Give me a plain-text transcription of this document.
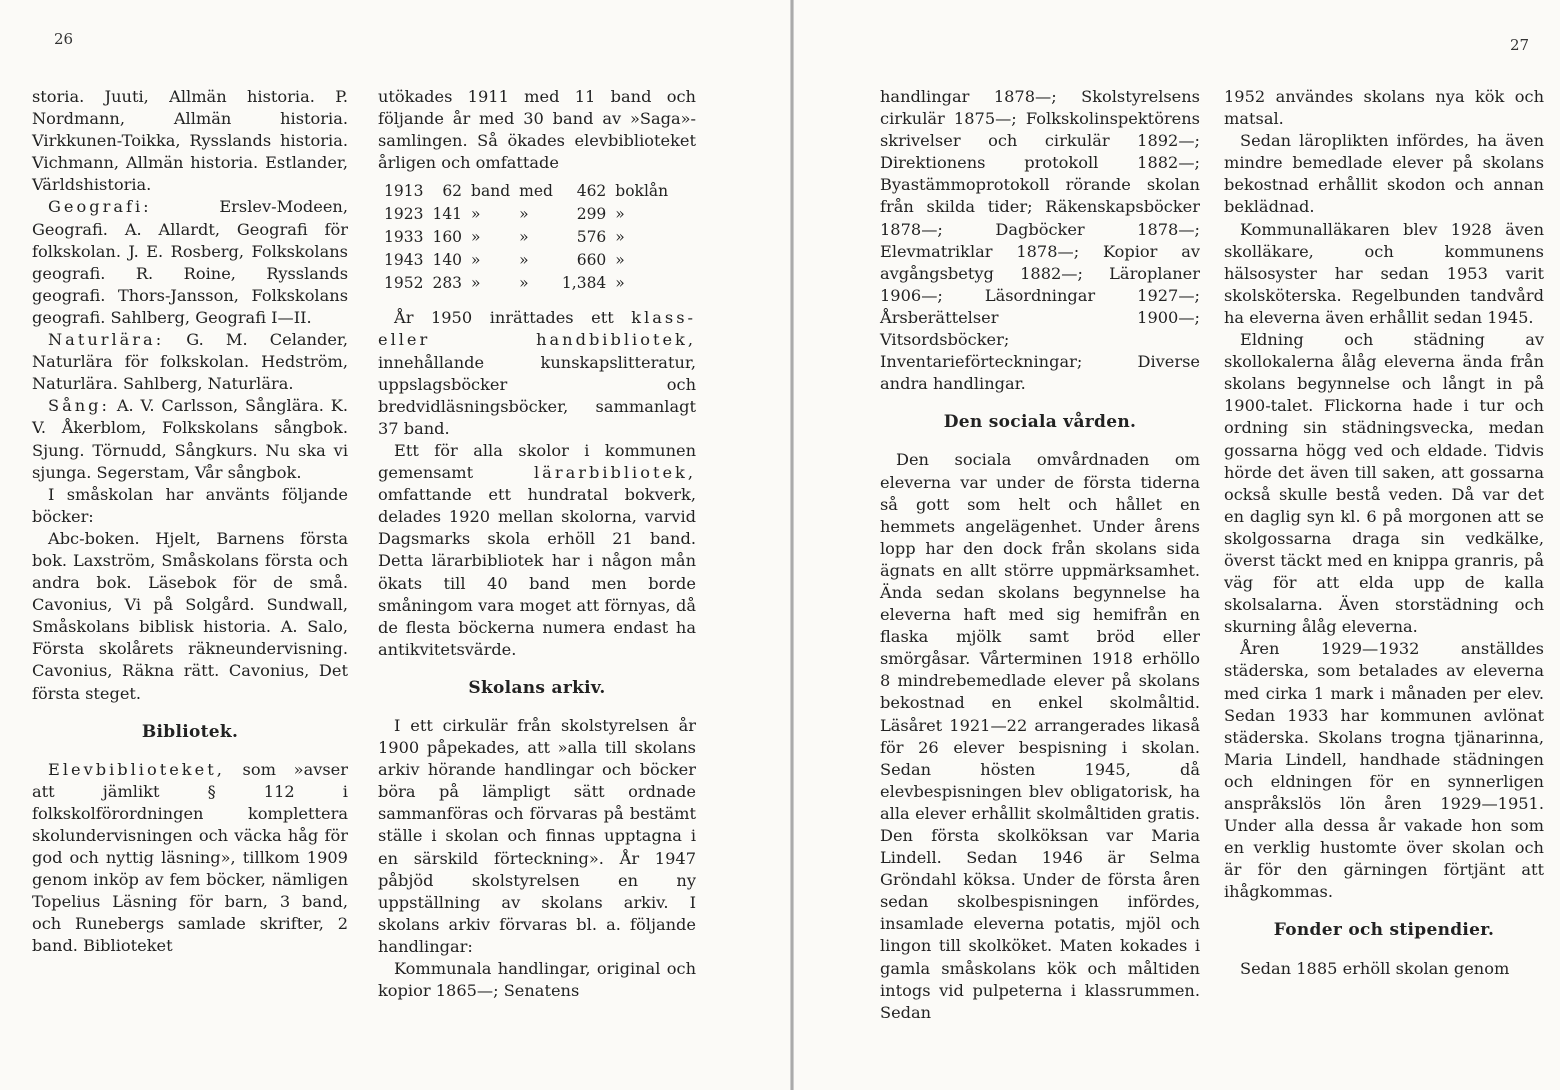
26

storia. Juuti, Allmän historia. P. Nordmann, Allmän historia. Virkkunen-Toikka, Rysslands historia. Vichmann, Allmän historia. Estlander, Världshistoria.

Geografi: Erslev-Modeen, Geografi. A. Allardt, Geografi för folkskolan. J. E. Rosberg, Folkskolans geografi. R. Roine, Rysslands geografi. Thors-Jansson, Folkskolans geografi. Sahlberg, Geografi I—II.

Naturlära: G. M. Celander, Naturlära för folkskolan. Hedström, Naturlära. Sahlberg, Naturlära.

Sång: A. V. Carlsson, Sånglära. K. V. Åkerblom, Folkskolans sångbok. Sjung. Törnudd, Sångkurs. Nu ska vi sjunga. Segerstam, Vår sångbok.

I småskolan har använts följande böcker:

Abc-boken. Hjelt, Barnens första bok. Laxström, Småskolans första och andra bok. Läsebok för de små. Cavonius, Vi på Solgård. Sundwall, Småskolans biblisk historia. A. Salo, Första skolårets räkneundervisning. Cavonius, Räkna rätt. Cavonius, Det första steget.

Bibliotek.

Elevbiblioteket, som »avser att jämlikt § 112 i folkskolförordningen komplettera skolundervisningen och väcka håg för god och nyttig läsning», tillkom 1909 genom inköp av fem böcker, nämligen Topelius Läsning för barn, 3 band, och Runebergs samlade skrifter, 2 band. Biblioteket

utökades 1911 med 11 band och följande år med 30 band av »Saga»-samlingen. Så ökades elevbiblioteket årligen och omfattade

1913	62	band	med	462	boklån
1923	141	»	»	299	»
1933	160	»	»	576	»
1943	140	»	»	660	»
1952	283	»	»	1,384	»

År 1950 inrättades ett klass- eller handbibliotek, innehållande kunskapslitteratur, uppslagsböcker och bredvidläsningsböcker, sammanlagt 37 band.

Ett för alla skolor i kommunen gemensamt lärarbibliotek, omfattande ett hundratal bokverk, delades 1920 mellan skolorna, varvid Dagsmarks skola erhöll 21 band. Detta lärarbibliotek har i någon mån ökats till 40 band men borde småningom vara moget att förnyas, då de flesta böckerna numera endast ha antikvitetsvärde.

Skolans arkiv.

I ett cirkulär från skolstyrelsen år 1900 påpekades, att »alla till skolans arkiv hörande handlingar och böcker böra på lämpligt sätt ordnade sammanföras och förvaras på bestämt ställe i skolan och finnas upptagna i en särskild förteckning». År 1947 påbjöd skolstyrelsen en ny uppställning av skolans arkiv. I skolans arkiv förvaras bl. a. följande handlingar:

Kommunala handlingar, original och kopior 1865—; Senatens

27

handlingar 1878—; Skolstyrelsens cirkulär 1875—; Folkskolinspektörens skrivelser och cirkulär 1892—; Direktionens protokoll 1882—; Byastämmoprotokoll rörande skolan från skilda tider; Räkenskapsböcker 1878—; Dagböcker 1878—; Elevmatriklar 1878—; Kopior av avgångsbetyg 1882—; Läroplaner 1906—; Läsordningar 1927—; Årsberättelser 1900—; Vitsordsböcker; Inventarieförteckningar; Diverse andra handlingar.

Den sociala vården.

Den sociala omvårdnaden om eleverna var under de första tiderna så gott som helt och hållet en hemmets angelägenhet. Under årens lopp har den dock från skolans sida ägnats en allt större uppmärksamhet. Ända sedan skolans begynnelse ha eleverna haft med sig hemifrån en flaska mjölk samt bröd eller smörgåsar. Vårterminen 1918 erhöllo 8 mindrebemedlade elever på skolans bekostnad en enkel skolmåltid. Läsåret 1921—22 arrangerades likaså för 26 elever bespisning i skolan. Sedan hösten 1945, då elevbespisningen blev obligatorisk, ha alla elever erhållit skolmåltiden gratis. Den första skolköksan var Maria Lindell. Sedan 1946 är Selma Gröndahl köksa. Under de första åren sedan skolbespisningen infördes, insamlade eleverna potatis, mjöl och lingon till skolköket. Maten kokades i gamla småskolans kök och måltiden intogs vid pulpeterna i klassrummen. Sedan

1952 användes skolans nya kök och matsal.

Sedan läroplikten infördes, ha även mindre bemedlade elever på skolans bekostnad erhållit skodon och annan beklädnad.

Kommunalläkaren blev 1928 även skolläkare, och kommunens hälsosyster har sedan 1953 varit skolsköterska. Regelbunden tandvård ha eleverna även erhållit sedan 1945.

Eldning och städning av skollokalerna ålåg eleverna ända från skolans begynnelse och långt in på 1900-talet. Flickorna hade i tur och ordning sin städningsvecka, medan gossarna högg ved och eldade. Tidvis hörde det även till saken, att gossarna också skulle bestå veden. Då var det en daglig syn kl. 6 på morgonen att se skolgossarna draga sin vedkälke, överst täckt med en knippa granris, på väg för att elda upp de kalla skolsalarna. Även storstädning och skurning ålåg eleverna.

Åren 1929—1932 anställdes städerska, som betalades av eleverna med cirka 1 mark i månaden per elev. Sedan 1933 har kommunen avlönat städerska. Skolans trogna tjänarinna, Maria Lindell, handhade städningen och eldningen för en synnerligen anspråkslös lön åren 1929—1951. Under alla dessa år vakade hon som en verklig hustomte över skolan och är för den gärningen förtjänt att ihågkommas.

Fonder och stipendier.

Sedan 1885 erhöll skolan genom
